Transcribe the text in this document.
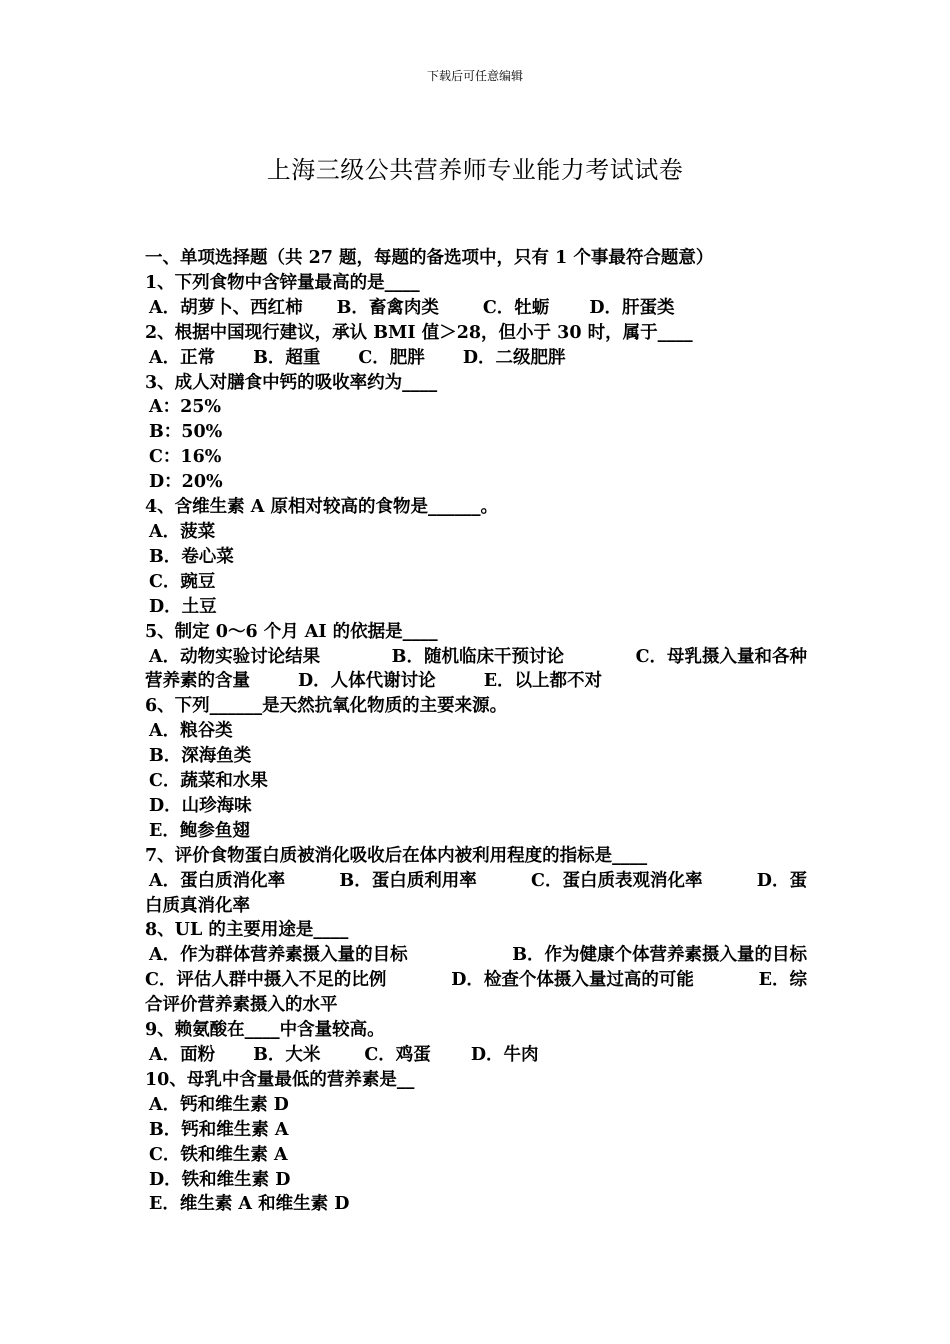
下载后可任意编辑
上海三级公共营养师专业能力考试试卷
一、单项选择题（共 27 题，每题的备选项中，只有 1 个事最符合题意）
1、下列食物中含锌量最高的是____
A．胡萝卜、西红柿 B．畜禽肉类	C．牡蛎 D．肝蛋类
2、根据中国现行建议，承认 BMI 值＞28，但小于 30 时，属于____
A．正常 B．超重 C．肥胖 D．二级肥胖
3、成人对膳食中钙的吸收率约为____
A：25%
B：50%
C：16%
D：20%
4、含维生素 A 原相对较高的食物是______。
A．菠菜
B．卷心菜
C．豌豆
D．土豆
5、制定 0～6 个月 AI 的依据是____
A．动物实验讨论结果	B．随机临床干预讨论	C．母乳摄入量和各种
营养素的含量	D．人体代谢讨论	E．以上都不对
6、下列______是天然抗氧化物质的主要来源。
A．粮谷类
B．深海鱼类
C．蔬菜和水果
D．山珍海味
E．鲍参鱼翅
7、评价食物蛋白质被消化吸收后在体内被利用程度的指标是____
A．蛋白质消化率	B．蛋白质利用率	C．蛋白质表观消化率	D．蛋
白质真消化率
8、UL 的主要用途是____
A．作为群体营养素摄入量的目标	B．作为健康个体营养素摄入量的目标
C．评估人群中摄入不足的比例	D．检查个体摄入量过高的可能	E．综
合评价营养素摄入的水平
9、赖氨酸在____中含量较高。
A．面粉 B．大米	C．鸡蛋 D．牛肉
10、母乳中含量最低的营养素是__
A．钙和维生素 D
B．钙和维生素 A
C．铁和维生素 A
D．铁和维生素 D
E．维生素 A 和维生素 D
